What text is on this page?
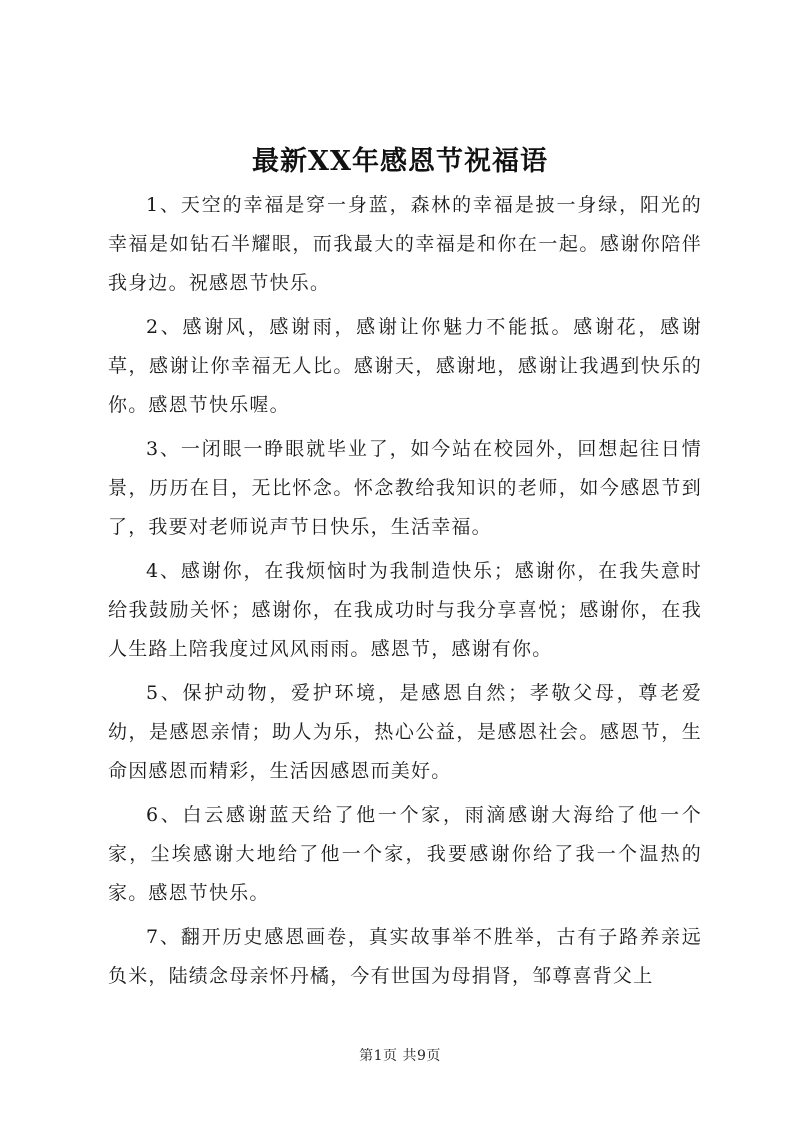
最新XX年感恩节祝福语

1、天空的幸福是穿一身蓝，森林的幸福是披一身绿，阳光的幸福是如钻石半耀眼，而我最大的幸福是和你在一起。感谢你陪伴我身边。祝感恩节快乐。

2、感谢风，感谢雨，感谢让你魅力不能抵。感谢花，感谢草，感谢让你幸福无人比。感谢天，感谢地，感谢让我遇到快乐的你。感恩节快乐喔。

3、一闭眼一睁眼就毕业了，如今站在校园外，回想起往日情景，历历在目，无比怀念。怀念教给我知识的老师，如今感恩节到了，我要对老师说声节日快乐，生活幸福。

4、感谢你，在我烦恼时为我制造快乐；感谢你，在我失意时给我鼓励关怀；感谢你，在我成功时与我分享喜悦；感谢你，在我人生路上陪我度过风风雨雨。感恩节，感谢有你。

5、保护动物，爱护环境，是感恩自然；孝敬父母，尊老爱幼，是感恩亲情；助人为乐，热心公益，是感恩社会。感恩节，生命因感恩而精彩，生活因感恩而美好。

6、白云感谢蓝天给了他一个家，雨滴感谢大海给了他一个家，尘埃感谢大地给了他一个家，我要感谢你给了我一个温热的家。感恩节快乐。

7、翻开历史感恩画卷，真实故事举不胜举，古有子路养亲远负米，陆绩念母亲怀丹橘，今有世国为母捐肾，邹尊喜背父上

第1页 共9页
